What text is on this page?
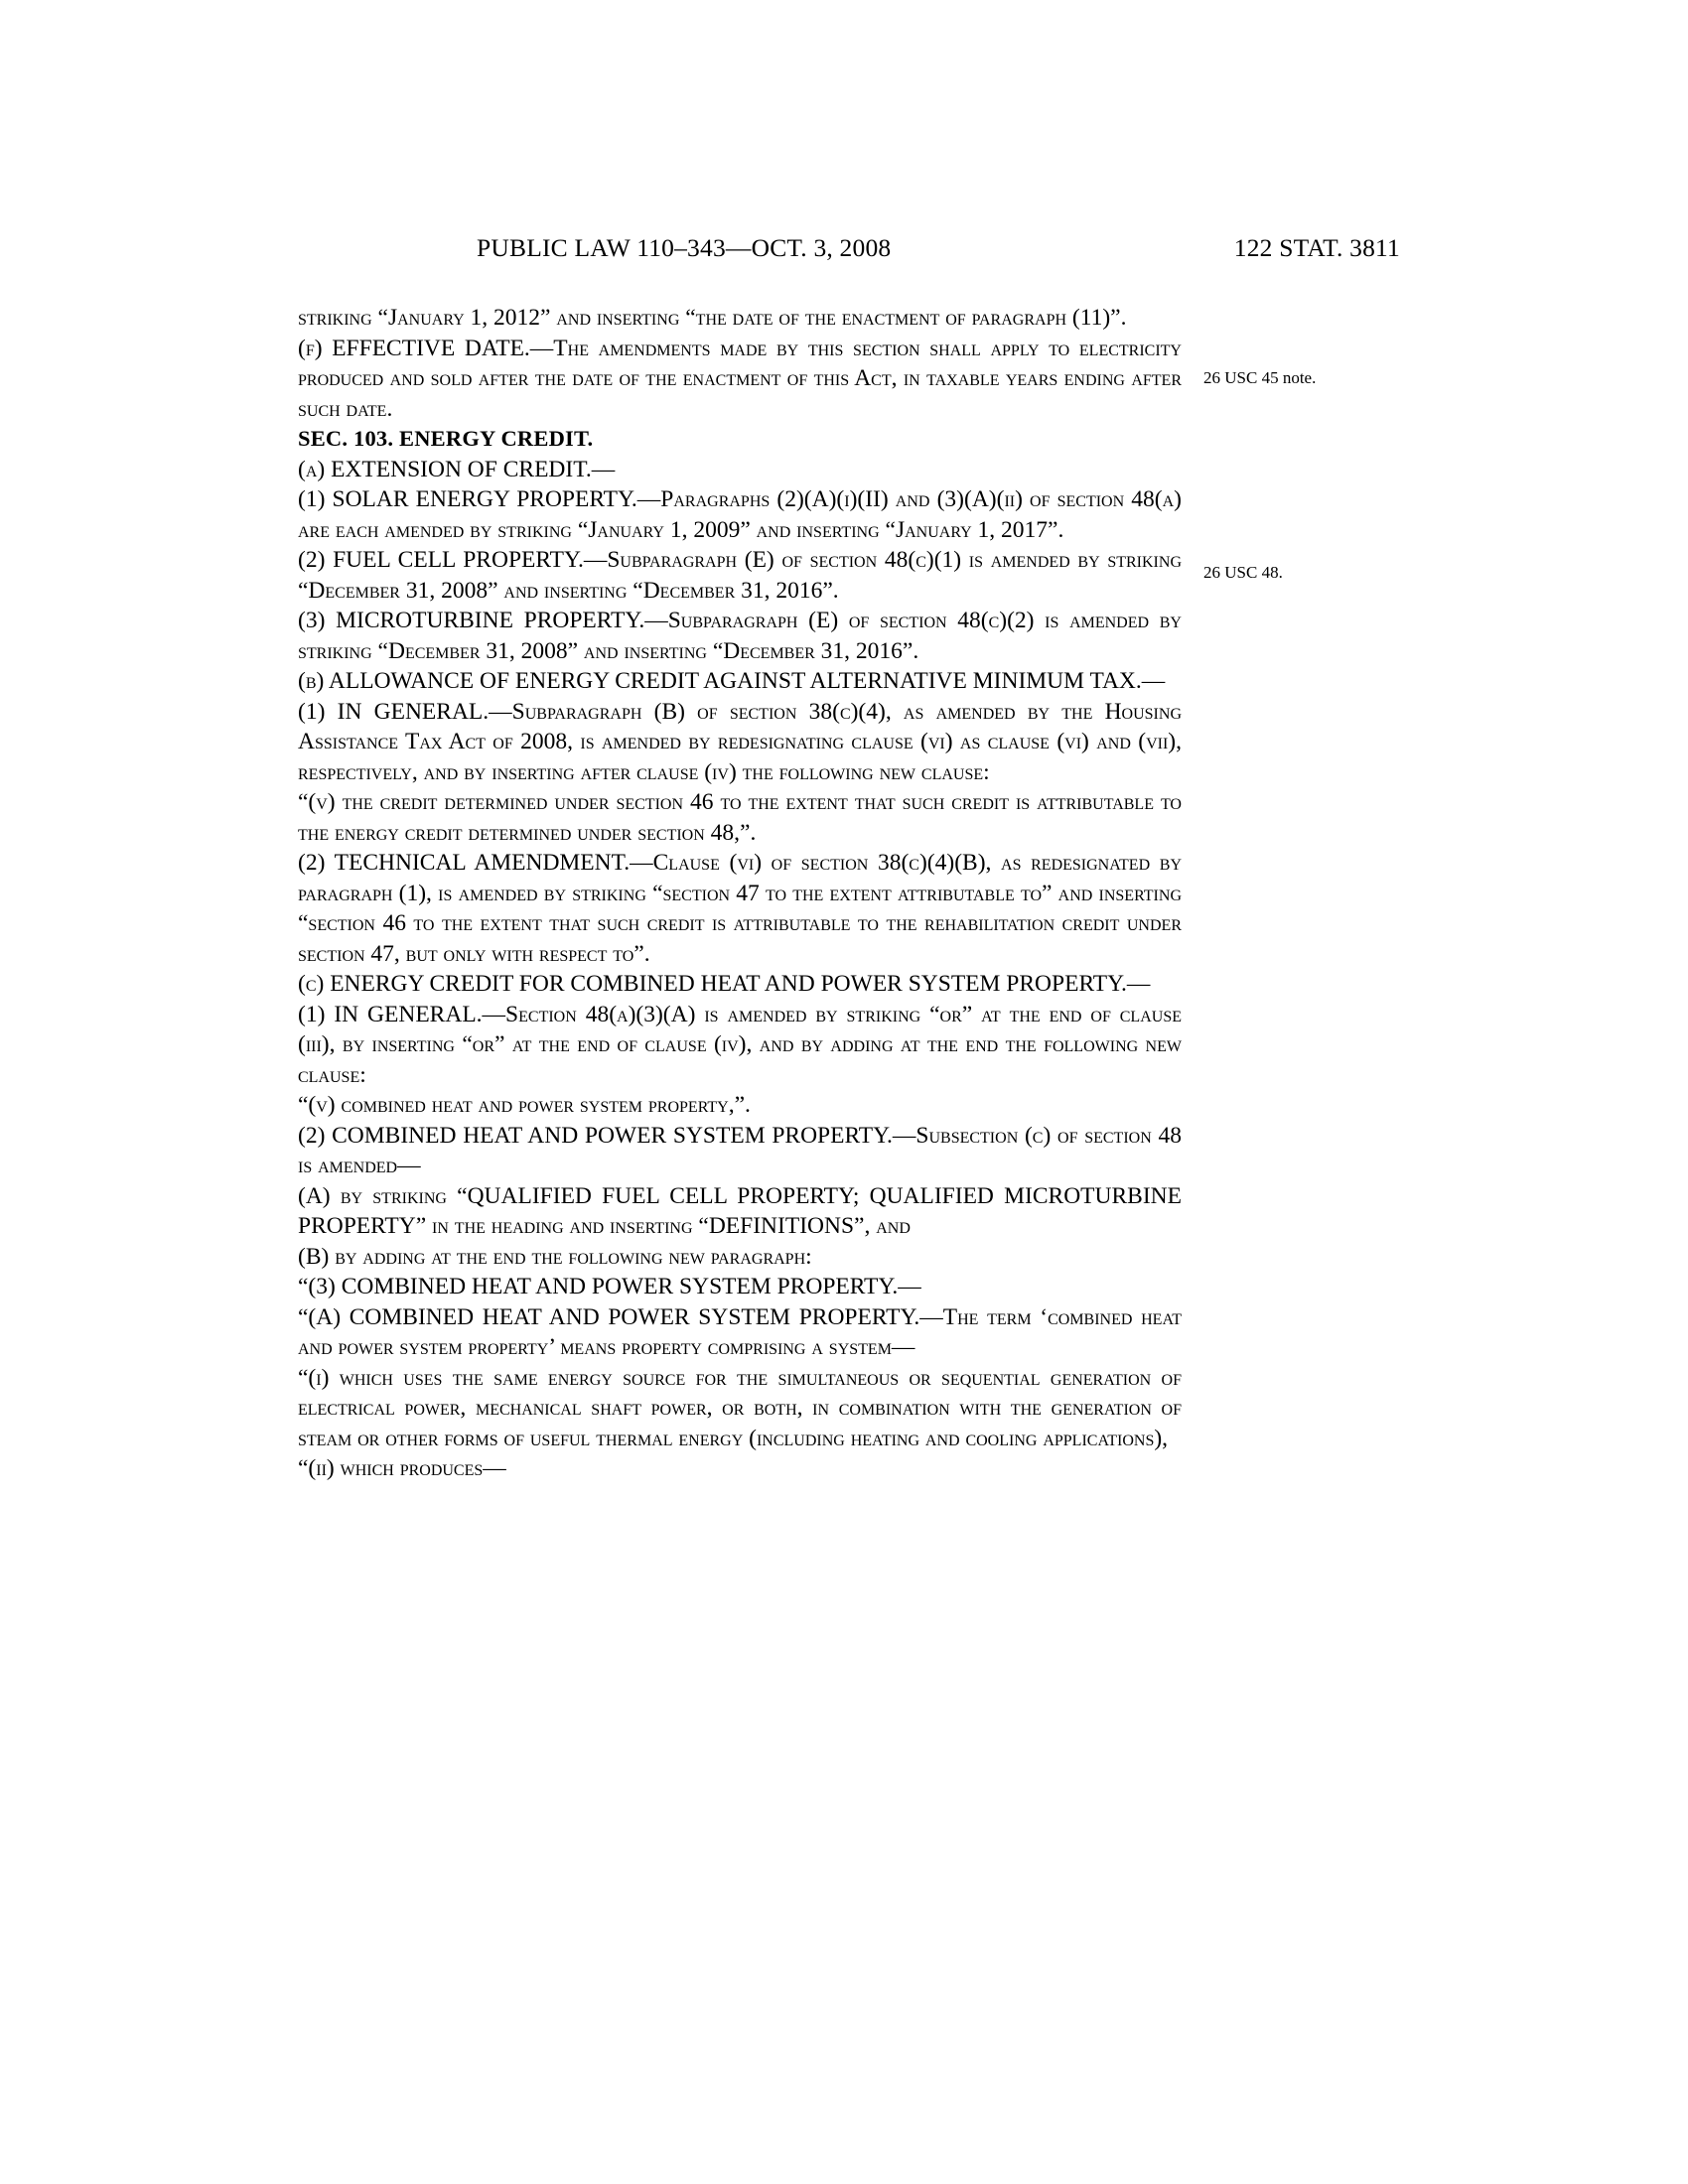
PUBLIC LAW 110–343—OCT. 3, 2008	122 STAT. 3811
26 USC 45 note.
26 USC 48.

striking “January 1, 2012” and inserting “the date of the enactment of paragraph (11)”.

(f) EFFECTIVE DATE.—The amendments made by this section shall apply to electricity produced and sold after the date of the enactment of this Act, in taxable years ending after such date.

SEC. 103. ENERGY CREDIT.

(a) EXTENSION OF CREDIT.—

(1) SOLAR ENERGY PROPERTY.—Paragraphs (2)(A)(i)(II) and (3)(A)(ii) of section 48(a) are each amended by striking “January 1, 2009” and inserting “January 1, 2017”.

(2) FUEL CELL PROPERTY.—Subparagraph (E) of section 48(c)(1) is amended by striking “December 31, 2008” and inserting “December 31, 2016”.

(3) MICROTURBINE PROPERTY.—Subparagraph (E) of section 48(c)(2) is amended by striking “December 31, 2008” and inserting “December 31, 2016”.

(b) ALLOWANCE OF ENERGY CREDIT AGAINST ALTERNATIVE MINIMUM TAX.—

(1) IN GENERAL.—Subparagraph (B) of section 38(c)(4), as amended by the Housing Assistance Tax Act of 2008, is amended by redesignating clause (vi) as clause (vi) and (vii), respectively, and by inserting after clause (iv) the following new clause:

“(v) the credit determined under section 46 to the extent that such credit is attributable to the energy credit determined under section 48,”.

(2) TECHNICAL AMENDMENT.—Clause (vi) of section 38(c)(4)(B), as redesignated by paragraph (1), is amended by striking “section 47 to the extent attributable to” and inserting “section 46 to the extent that such credit is attributable to the rehabilitation credit under section 47, but only with respect to”.

(c) ENERGY CREDIT FOR COMBINED HEAT AND POWER SYSTEM PROPERTY.—

(1) IN GENERAL.—Section 48(a)(3)(A) is amended by striking “or” at the end of clause (iii), by inserting “or” at the end of clause (iv), and by adding at the end the following new clause:

“(v) combined heat and power system property,”.

(2) COMBINED HEAT AND POWER SYSTEM PROPERTY.—Subsection (c) of section 48 is amended—

(A) by striking “QUALIFIED FUEL CELL PROPERTY; QUALIFIED MICROTURBINE PROPERTY” in the heading and inserting “DEFINITIONS”, and

(B) by adding at the end the following new paragraph:

“(3) COMBINED HEAT AND POWER SYSTEM PROPERTY.—

“(A) COMBINED HEAT AND POWER SYSTEM PROPERTY.—The term ‘combined heat and power system property’ means property comprising a system—

“(i) which uses the same energy source for the simultaneous or sequential generation of electrical power, mechanical shaft power, or both, in combination with the generation of steam or other forms of useful thermal energy (including heating and cooling applications),

“(ii) which produces—
